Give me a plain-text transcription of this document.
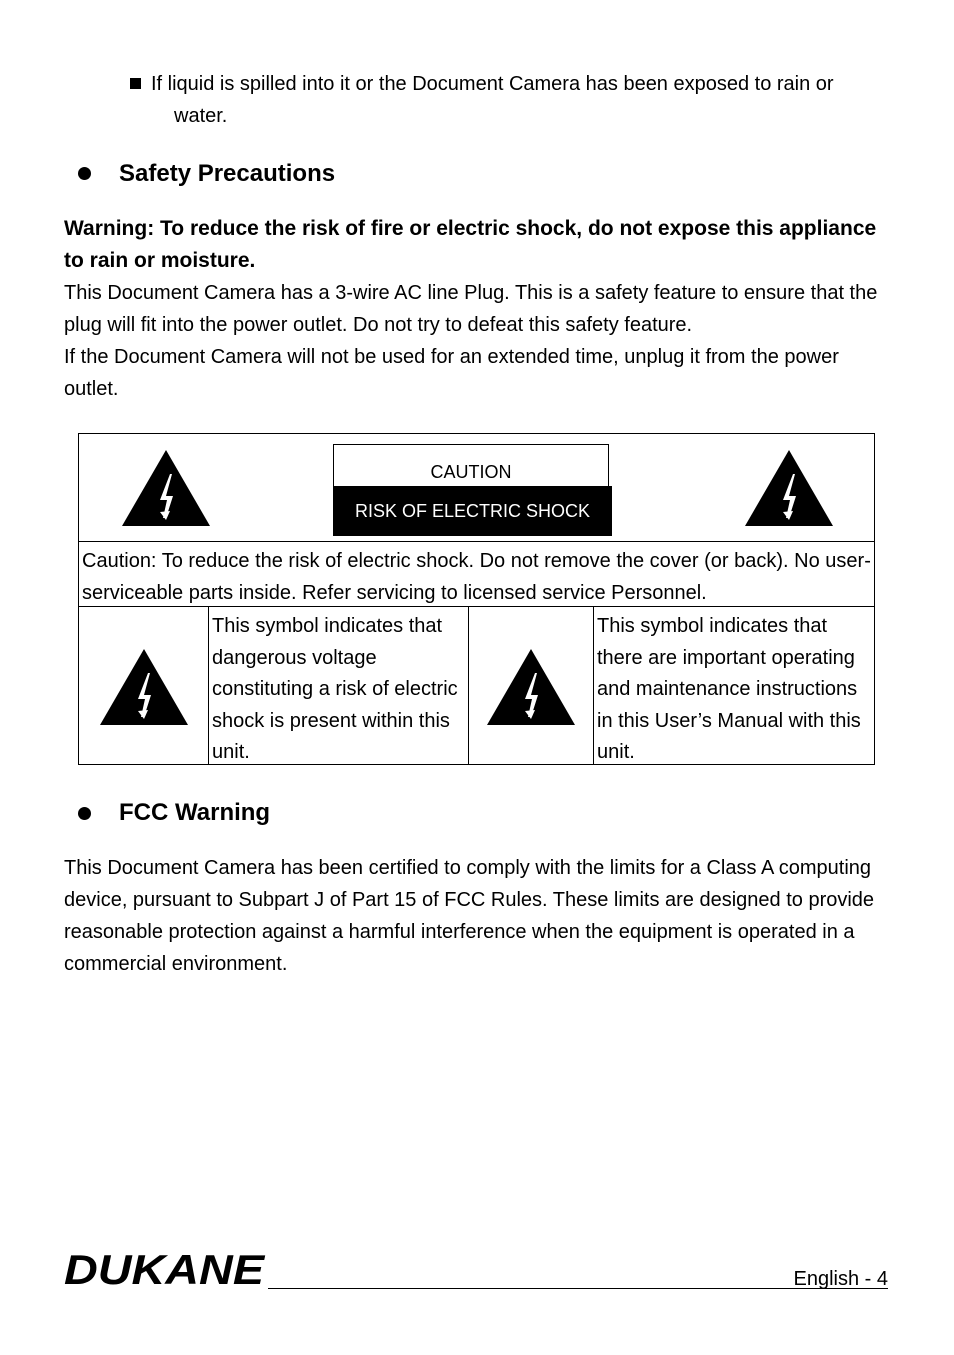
If liquid is spilled into it or the Document Camera has been exposed to rain or
water.
Safety Precautions
Warning: To reduce the risk of fire or electric shock, do not expose this appliance to rain or moisture.
This Document Camera has a 3-wire AC line Plug. This is a safety feature to ensure that the plug will fit into the power outlet. Do not try to defeat this safety feature.
If the Document Camera will not be used for an extended time, unplug it from the power outlet.
CAUTION
RISK OF ELECTRIC SHOCK
Caution: To reduce the risk of electric shock. Do not remove the cover (or back). No user-serviceable parts inside. Refer servicing to licensed service Personnel.
This symbol indicates that dangerous voltage constituting a risk of electric shock is present within this unit.
This symbol indicates that there are important operating and maintenance instructions in this User’s Manual with this unit.
FCC Warning
This Document Camera has been certified to comply with the limits for a Class A computing device, pursuant to Subpart J of Part 15 of FCC Rules. These limits are designed to provide reasonable protection against a harmful interference when the equipment is operated in a commercial environment.
DUKANE	English - 4
